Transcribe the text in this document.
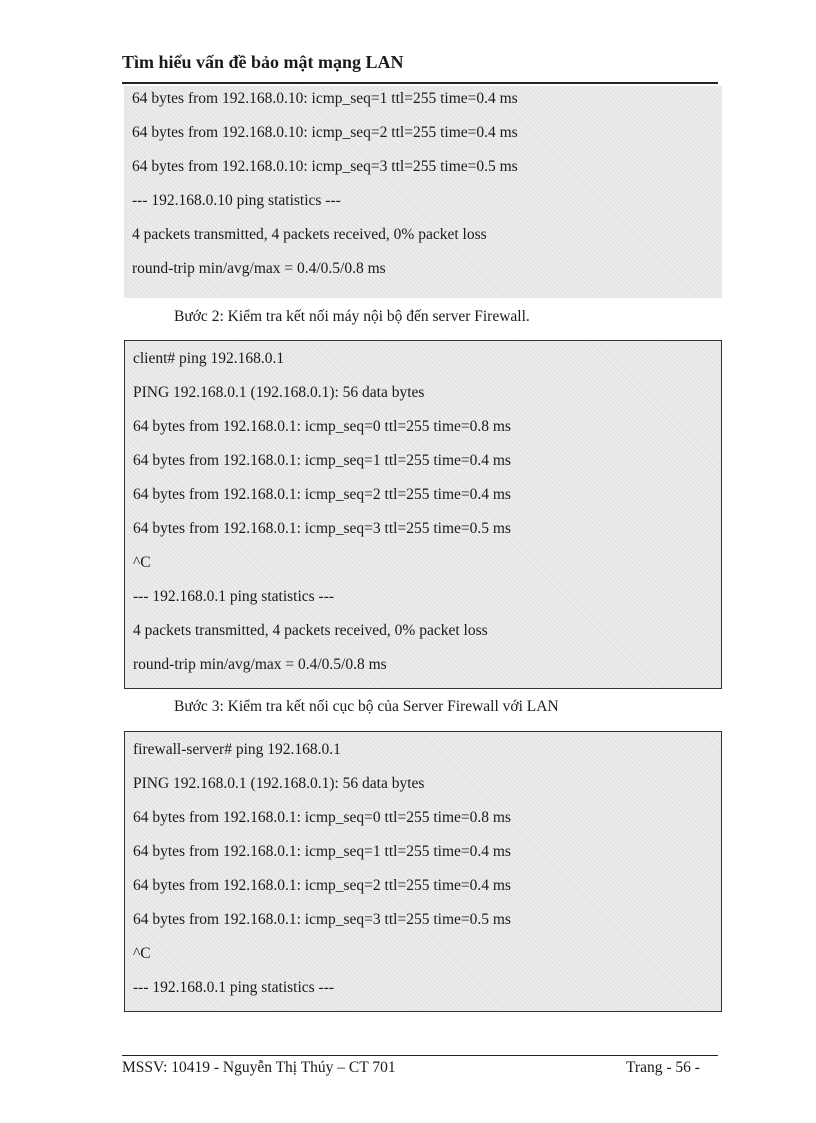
Tìm hiểu vấn đề bảo mật mạng LAN
64 bytes from 192.168.0.10: icmp_seq=1 ttl=255 time=0.4 ms
64 bytes from 192.168.0.10: icmp_seq=2 ttl=255 time=0.4 ms
64 bytes from 192.168.0.10: icmp_seq=3 ttl=255 time=0.5 ms
--- 192.168.0.10 ping statistics ---
4 packets transmitted, 4 packets received, 0% packet loss
round-trip min/avg/max = 0.4/0.5/0.8 ms
Bước 2: Kiểm tra kết nối máy nội bộ đến server Firewall.
client# ping 192.168.0.1
PING 192.168.0.1 (192.168.0.1): 56 data bytes
64 bytes from 192.168.0.1: icmp_seq=0 ttl=255 time=0.8 ms
64 bytes from 192.168.0.1: icmp_seq=1 ttl=255 time=0.4 ms
64 bytes from 192.168.0.1: icmp_seq=2 ttl=255 time=0.4 ms
64 bytes from 192.168.0.1: icmp_seq=3 ttl=255 time=0.5 ms
^C
--- 192.168.0.1 ping statistics ---
4 packets transmitted, 4 packets received, 0% packet loss
round-trip min/avg/max = 0.4/0.5/0.8 ms
Bước 3: Kiểm tra kết nối cục bộ của Server Firewall với LAN
firewall-server# ping 192.168.0.1
PING 192.168.0.1 (192.168.0.1): 56 data bytes
64 bytes from 192.168.0.1: icmp_seq=0 ttl=255 time=0.8 ms
64 bytes from 192.168.0.1: icmp_seq=1 ttl=255 time=0.4 ms
64 bytes from 192.168.0.1: icmp_seq=2 ttl=255 time=0.4 ms
64 bytes from 192.168.0.1: icmp_seq=3 ttl=255 time=0.5 ms
^C
--- 192.168.0.1 ping statistics ---
MSSV: 10419 - Nguyễn Thị Thúy – CT 701	Trang - 56 -
